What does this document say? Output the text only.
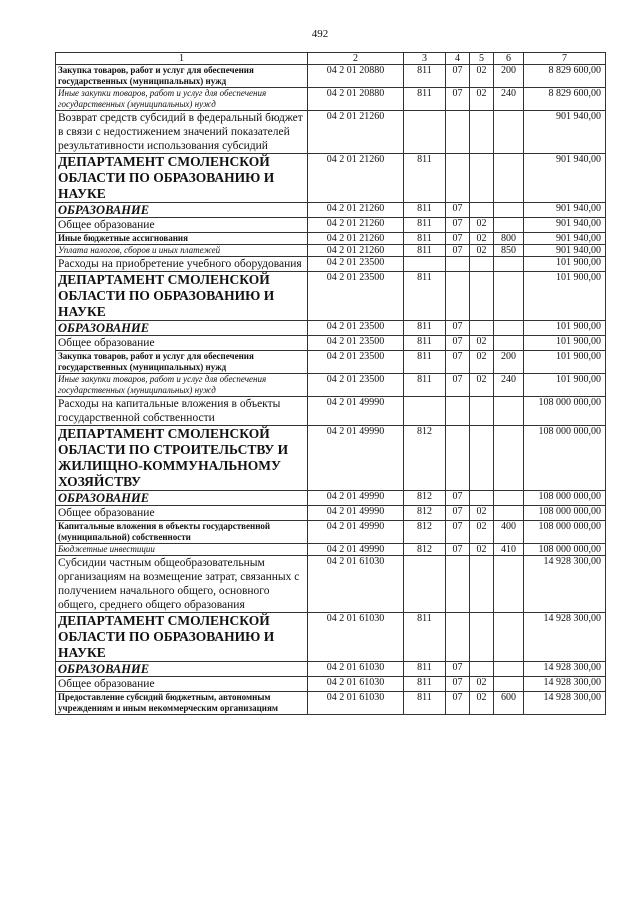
492
1	2	3	4	5	6	7
Закупка товаров, работ и услуг для обеспечения государственных (муниципальных) нужд	04 2 01 20880	811	07	02	200	8 829 600,00
Иные закупки товаров, работ и услуг для обеспечения государственных (муниципальных) нужд	04 2 01 20880	811	07	02	240	8 829 600,00
Возврат средств субсидий в федеральный бюджет в связи с недостижением значений показателей результативности использования субсидий	04 2 01 21260					901 940,00
ДЕПАРТАМЕНТ СМОЛЕНСКОЙ ОБЛАСТИ ПО ОБРАЗОВАНИЮ И НАУКЕ	04 2 01 21260	811				901 940,00
ОБРАЗОВАНИЕ	04 2 01 21260	811	07			901 940,00
Общее образование	04 2 01 21260	811	07	02		901 940,00
Иные бюджетные ассигнования	04 2 01 21260	811	07	02	800	901 940,00
Уплата налогов, сборов и иных платежей	04 2 01 21260	811	07	02	850	901 940,00
Расходы на приобретение учебного оборудования	04 2 01 23500					101 900,00
ДЕПАРТАМЕНТ СМОЛЕНСКОЙ ОБЛАСТИ ПО ОБРАЗОВАНИЮ И НАУКЕ	04 2 01 23500	811				101 900,00
ОБРАЗОВАНИЕ	04 2 01 23500	811	07			101 900,00
Общее образование	04 2 01 23500	811	07	02		101 900,00
Закупка товаров, работ и услуг для обеспечения государственных (муниципальных) нужд	04 2 01 23500	811	07	02	200	101 900,00
Иные закупки товаров, работ и услуг для обеспечения государственных (муниципальных) нужд	04 2 01 23500	811	07	02	240	101 900,00
Расходы на капитальные вложения в объекты государственной собственности	04 2 01 49990					108 000 000,00
ДЕПАРТАМЕНТ СМОЛЕНСКОЙ ОБЛАСТИ ПО СТРОИТЕЛЬСТВУ И ЖИЛИЩНО-КОММУНАЛЬНОМУ ХОЗЯЙСТВУ	04 2 01 49990	812				108 000 000,00
ОБРАЗОВАНИЕ	04 2 01 49990	812	07			108 000 000,00
Общее образование	04 2 01 49990	812	07	02		108 000 000,00
Капитальные вложения в объекты государственной (муниципальной) собственности	04 2 01 49990	812	07	02	400	108 000 000,00
Бюджетные инвестиции	04 2 01 49990	812	07	02	410	108 000 000,00
Субсидии частным общеобразовательным организациям на возмещение затрат, связанных с получением начального общего, основного общего, среднего общего образования	04 2 01 61030					14 928 300,00
ДЕПАРТАМЕНТ СМОЛЕНСКОЙ ОБЛАСТИ ПО ОБРАЗОВАНИЮ И НАУКЕ	04 2 01 61030	811				14 928 300,00
ОБРАЗОВАНИЕ	04 2 01 61030	811	07			14 928 300,00
Общее образование	04 2 01 61030	811	07	02		14 928 300,00
Предоставление субсидий бюджетным, автономным учреждениям и иным некоммерческим организациям	04 2 01 61030	811	07	02	600	14 928 300,00
